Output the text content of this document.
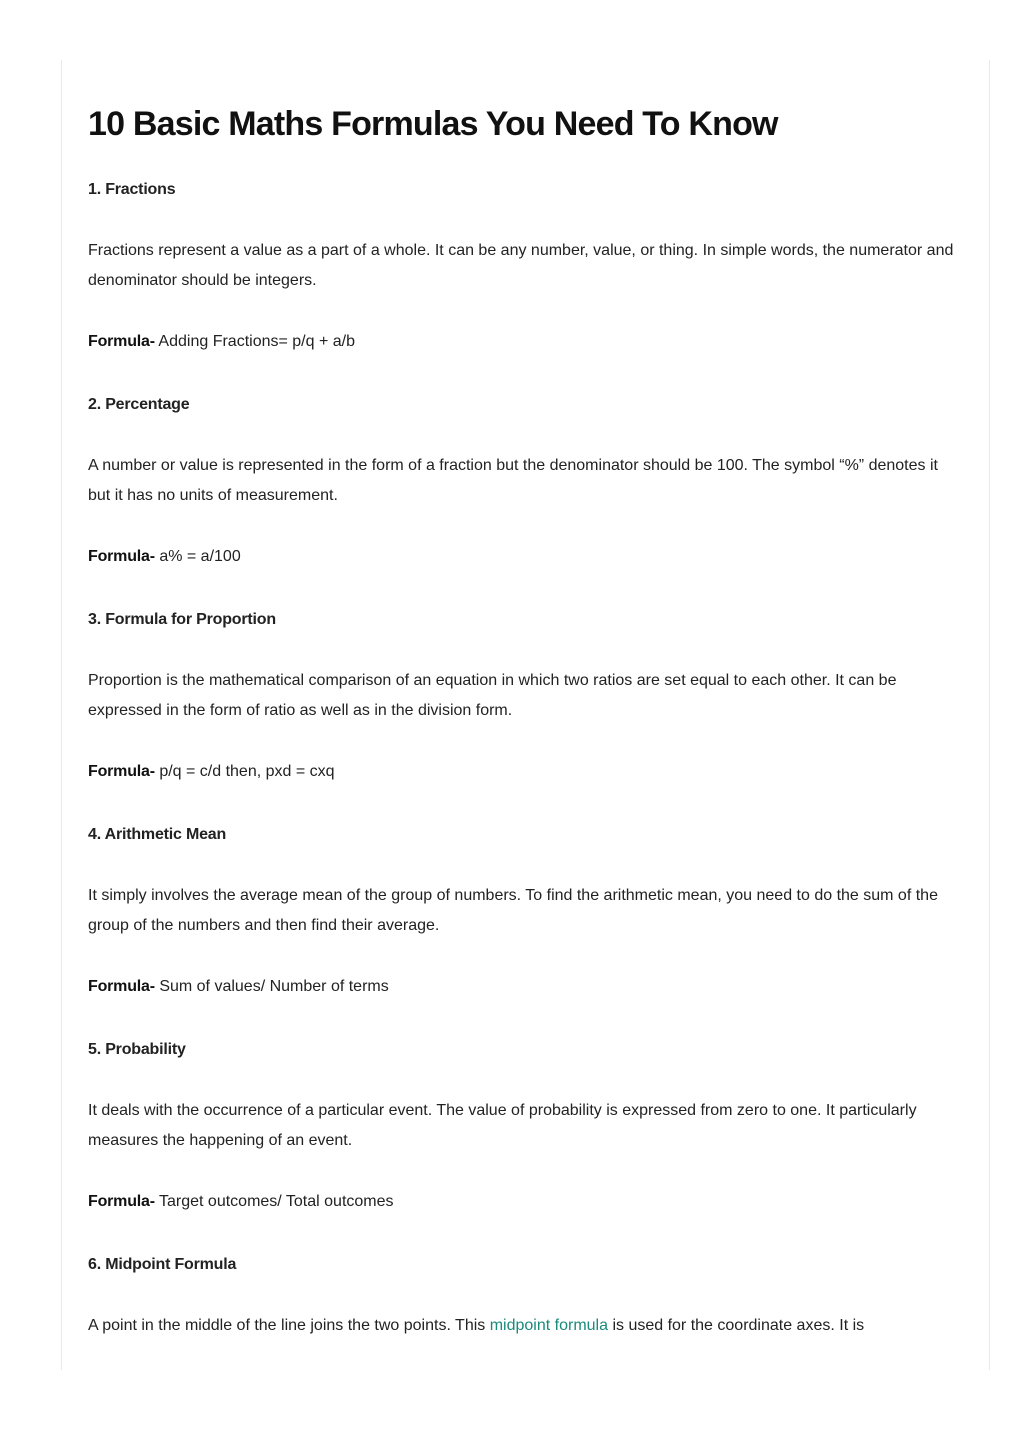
10 Basic Maths Formulas You Need To Know
1. Fractions

Fractions represent a value as a part of a whole. It can be any number, value, or thing. In simple words, the numerator and denominator should be integers.

Formula- Adding Fractions= p/q + a/b

2. Percentage

A number or value is represented in the form of a fraction but the denominator should be 100. The symbol “%” denotes it but it has no units of measurement.

Formula- a% = a/100

3. Formula for Proportion

Proportion is the mathematical comparison of an equation in which two ratios are set equal to each other. It can be expressed in the form of ratio as well as in the division form.

Formula- p/q = c/d then, pxd = cxq

4. Arithmetic Mean

It simply involves the average mean of the group of numbers. To find the arithmetic mean, you need to do the sum of the group of the numbers and then find their average.

Formula- Sum of values/ Number of terms

5. Probability

It deals with the occurrence of a particular event. The value of probability is expressed from zero to one. It particularly measures the happening of an event.

Formula- Target outcomes/ Total outcomes

6. Midpoint Formula

A point in the middle of the line joins the two points. This midpoint formula is used for the coordinate axes. It is
